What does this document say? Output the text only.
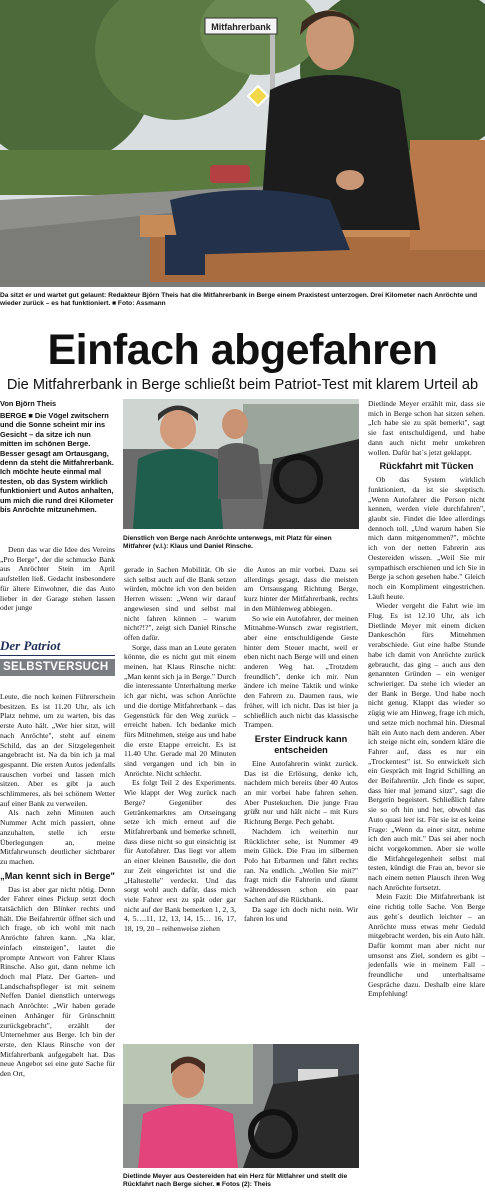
Mitfahrerbank
Da sitzt er und wartet gut gelaunt: Redakteur Björn Theis hat die Mitfahrerbank in Berge einem Praxistest unterzogen. Drei Kilometer nach Anröchte und wieder zurück – es hat funktioniert. ■ Foto: Assmann
Einfach abgefahren
Die Mitfahrerbank in Berge schließt beim Patriot-Test mit klarem Urteil ab
Von Björn Theis
BERGE ■ Die Vögel zwitschern und die Sonne scheint mir ins Gesicht – da sitze ich nun mitten im schönen Berge. Besser gesagt am Ortausgang, denn da steht die Mitfahrerbank. Ich möchte heute einmal mal testen, ob das System wirklich funktioniert und Autos anhalten, um mich die rund drei Kilometer bis Anröchte mitzunehmen.

Denn das war die Idee des Vereins „Pro Berge", der die schmucke Bank aus Anröchter Stein im April aufstellen ließ. Gedacht insbesondere für ältere Einwohner, die das Auto lieber in der Garage stehen lassen oder junge

Der Patriot
SELBSTVERSUCH

Leute, die noch keinen Führerschein besitzen. Es ist 11.20 Uhr, als ich Platz nehme, um zu warten, bis das erste Auto hält. „Wer hier sitzt, will nach Anröchte", steht auf einem Schild, das an der Sitzgelegenheit angebracht ist. Na da bin ich ja mal gespannt. Die ersten Autos jedenfalls rauschen vorbei und lassen mich sitzen. Aber es gibt ja auch schlimmeres, als bei schönem Wetter auf einer Bank zu verweilen.

Als nach zehn Minuten auch Nummer Acht mich passiert, ohne anzuhalten, stelle ich erste Überlegungen an, meine Mitfahrwunsch deutlicher sichtbarer zu machen.

„Man kennt sich in Berge"

Das ist aber gar nicht nötig. Denn der Fahrer eines Pickup setzt doch tatsächlich den Blinker rechts und hält. Die Beifahrertür öffnet sich und ich frage, ob ich wohl mit nach Anröchte fahren kann. „Na klar, einfach einsteigen", lautet die prompte Antwort von Fahrer Klaus Rinsche. Also gut, dann nehme ich doch mal Platz. Der Garten- und Landschaftspfleger ist mit seinem Neffen Daniel dienstlich unterwegs nach Anröchte: „Wir haben gerade einen Anhänger für Grünschnitt zurückgebracht", erzählt der Unternehmer aus Berge. Ich bin der erste, den Klaus Rinsche von der Mitfahrerbank aufgegabelt hat. Das neue Angebot sei eine gute Sache für den Ort,

Dienstlich von Berge nach Anröchte unterwegs, mit Platz für einen Mitfahrer (v.l.): Klaus und Daniel Rinsche.

gerade in Sachen Mobilität. Ob sie sich selbst auch auf die Bank setzen würden, möchte ich von den beiden Herren wissen: „Wenn wir darauf angewiesen sind und selbst mal nicht fahren können – warum nicht?!?", zeigt sich Daniel Rinsche offen dafür.

Sorge, dass man an Leute geraten könnte, die es nicht gut mit einem meinen, hat Klaus Rinsche nicht: „Man kennt sich ja in Berge." Durch die interessante Unterhaltung merke ich gar nicht, was schon Anröchte und die dortige Mitfahrerbank – das Gegenstück für den Weg zurück – erreicht haben. Ich bedanke mich fürs Mitnehmen, steige aus und habe die erste Etappe erreicht. Es ist 11.40 Uhr. Gerade mal 20 Minuten sind vergangen und ich bin in Anröchte. Nicht schlecht.

Es folgt Teil 2 des Experiments. Wie klappt der Weg zurück nach Berge? Gegenüber des Getränkemarktes am Ortseingang setze ich mich erneut auf die Mitfahrerbank und bemerke schnell, dass diese nicht so gut einsichtig ist für Autofahrer. Das liegt vor allem an einer kleinen Baustelle, die dort zur Zeit eingerichtet ist und die „Haltestelle" verdeckt. Und das sorgt wohl auch dafür, dass mich viele Fahrer erst zu spät oder gar nicht auf der Bank bemerken 1, 2, 3, 4, 5….11, 12, 13, 14, 15… 16, 17, 18, 19, 20 – reihenweise ziehen

die Autos an mir vorbei. Dazu sei allerdings gesagt, dass die meisten am Ortsausgang Richtung Berge, kurz hinter der Mitfahrerbank, rechts in den Mühlenweg abbiegen.

So wie ein Autofahrer, der meinen Mitnahme-Wunsch zwar registriert, aber eine entschuldigende Geste hinter dem Steuer macht, weil er eben nicht nach Berge will und einen anderen Weg hat. „Trotzdem freundlich", denke ich mir. Nun ändere ich meine Taktik und winke den Fahrern zu. Daumen raus, wie früher, will ich nicht. Das ist hier ja schließlich auch nicht das klassische Trampen.

Erster Eindruck kann entscheiden

Eine Autofahrerin winkt zurück. Das ist die Erlösung, denke ich, nachdem mich bereits über 40 Autos an mir vorbei habe fahren sehen. Aber Pustekuchen. Die junge Frau grüßt nur und hält nicht – mit Kurs Richtung Berge. Pech gehabt.

Nachdem ich weiterhin nur Rücklichter sehe, ist Nummer 49 mein Glück. Die Frau im silbernen Polo hat Erbarmen und fährt rechts ran. Na endlich. „Wollen Sie mit?" fragt mich die Fahrerin und räumt währenddessen schon ein paar Sachen auf die Rückbank.

Da sage ich doch nicht nein. Wir fahren los und

Dietlinde Meyer aus Oestereiden hat ein Herz für Mitfahrer und stellt die Rückfahrt nach Berge sicher. ■ Fotos (2): Theis

Dietlinde Meyer erzählt mir, dass sie mich in Berge schon hat sitzen sehen. „Ich habe sie zu spät bemerkt", sagt sie fast entschuldigend, und habe dann auch nicht mehr umkehren wollen. Dafür hat´s jetzt geklappt.

Rückfahrt mit Tücken

Ob das System wirklich funktioniert, da ist sie skeptisch. „Wenn Autofahrer die Person nicht kennen, werden viele durchfahren", glaubt sie. Findet die Idee allerdings dennoch toll. „Und warum haben Sie mich dann mitgenommen?", möchte ich von der netten Fahrerin aus Oestereiden wissen. „Weil Sie mir sympathisch erschienen und ich Sie in Berge ja schon gesehen habe." Gleich noch ein Kompliment eingestrichen. Läuft heute.

Wieder vergeht die Fahrt wie im Flug. Es ist 12.10 Uhr, als ich Dietlinde Meyer mit einem dicken Dankeschön fürs Mitnehmen verabschiede. Gut eine halbe Stunde habe ich damit von Anröchte zurück gebraucht, das ging – auch aus den genannten Gründen – ein weniger schwieriger. Da stehe ich wieder an der Bank in Berge. Und habe noch nicht genug. Klappt das wieder so zügig wie am Hinweg, frage ich mich, und setze mich nochmal hin. Diesmal hält ein Auto nach dem anderen. Aber ich steige nicht ein, sondern kläre die Fahrer auf, dass es nur ein „Trockentest" ist. So entwickelt sich ein Gespräch mit Ingrid Schilling an der Beifahrertür. „Ich finde es super, dass hier mal jemand sitzt", sagt die Bergerin begeistert. Schließlich fahre sie so oft hin und her, obwohl das Auto quasi leer ist. Für sie ist es keine Frage: „Wenn da einer sitzt, nehme ich den auch mit." Das sei aber noch nicht vorgekommen. Aber sie wolle die Mitfahrgelegenheit selbst mal testen, kündigt die Frau an, bevor sie nach einem netten Plausch ihren Weg nach Anröchte fortsetzt.

Mein Fazit: Die Mitfahrerbank ist eine richtig tolle Sache. Von Berge aus geht´s deutlich leichter – an Anröchte muss etwas mehr Geduld mitgebracht werden, bis ein Auto hält. Dafür kommt man aber nicht nur umsonst ans Ziel, sondern es gibt – jedenfalls wie in meinem Fall – freundliche und unterhaltsame Gespräche dazu. Deshalb eine klare Empfehlung!
